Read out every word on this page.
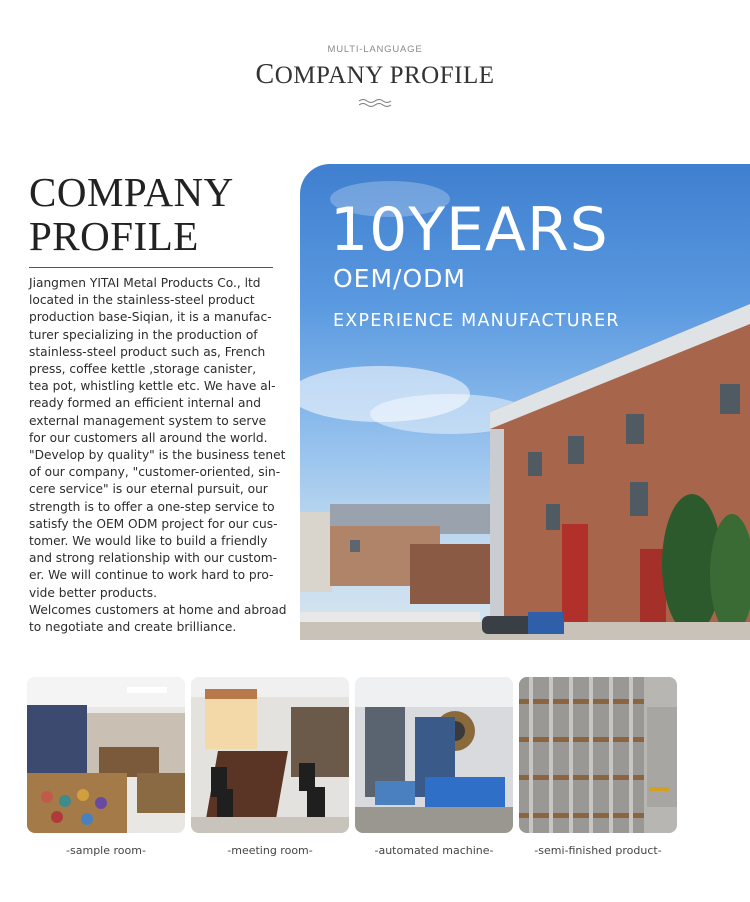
MULTI-LANGUAGE
COMPANY PROFILE
COMPANY
PROFILE

Jiangmen YITAI Metal Products Co., ltd
located in the stainless-steel product
production base-Siqian, it is a manufac-
turer specializing in the production of
stainless-steel product such as, French
press, coffee kettle ,storage canister,
tea pot, whistling kettle etc. We have al-
ready formed an efficient internal and
external management system to serve
for our customers all around the world.
"Develop by quality" is the business tenet
of our company, "customer-oriented, sin-
cere service" is our eternal pursuit, our
strength is to offer a one-step service to
satisfy the OEM ODM project for our cus-
tomer. We would like to build a friendly
and strong relationship with our custom-
er. We will continue to work hard to pro-
vide better products.

Welcomes customers at home and abroad
to negotiate and create brilliance.

10YEARS
OEM/ODM
EXPERIENCE MANUFACTURER
-sample room-	-meeting room-	-automated machine-	-semi-finished product-
